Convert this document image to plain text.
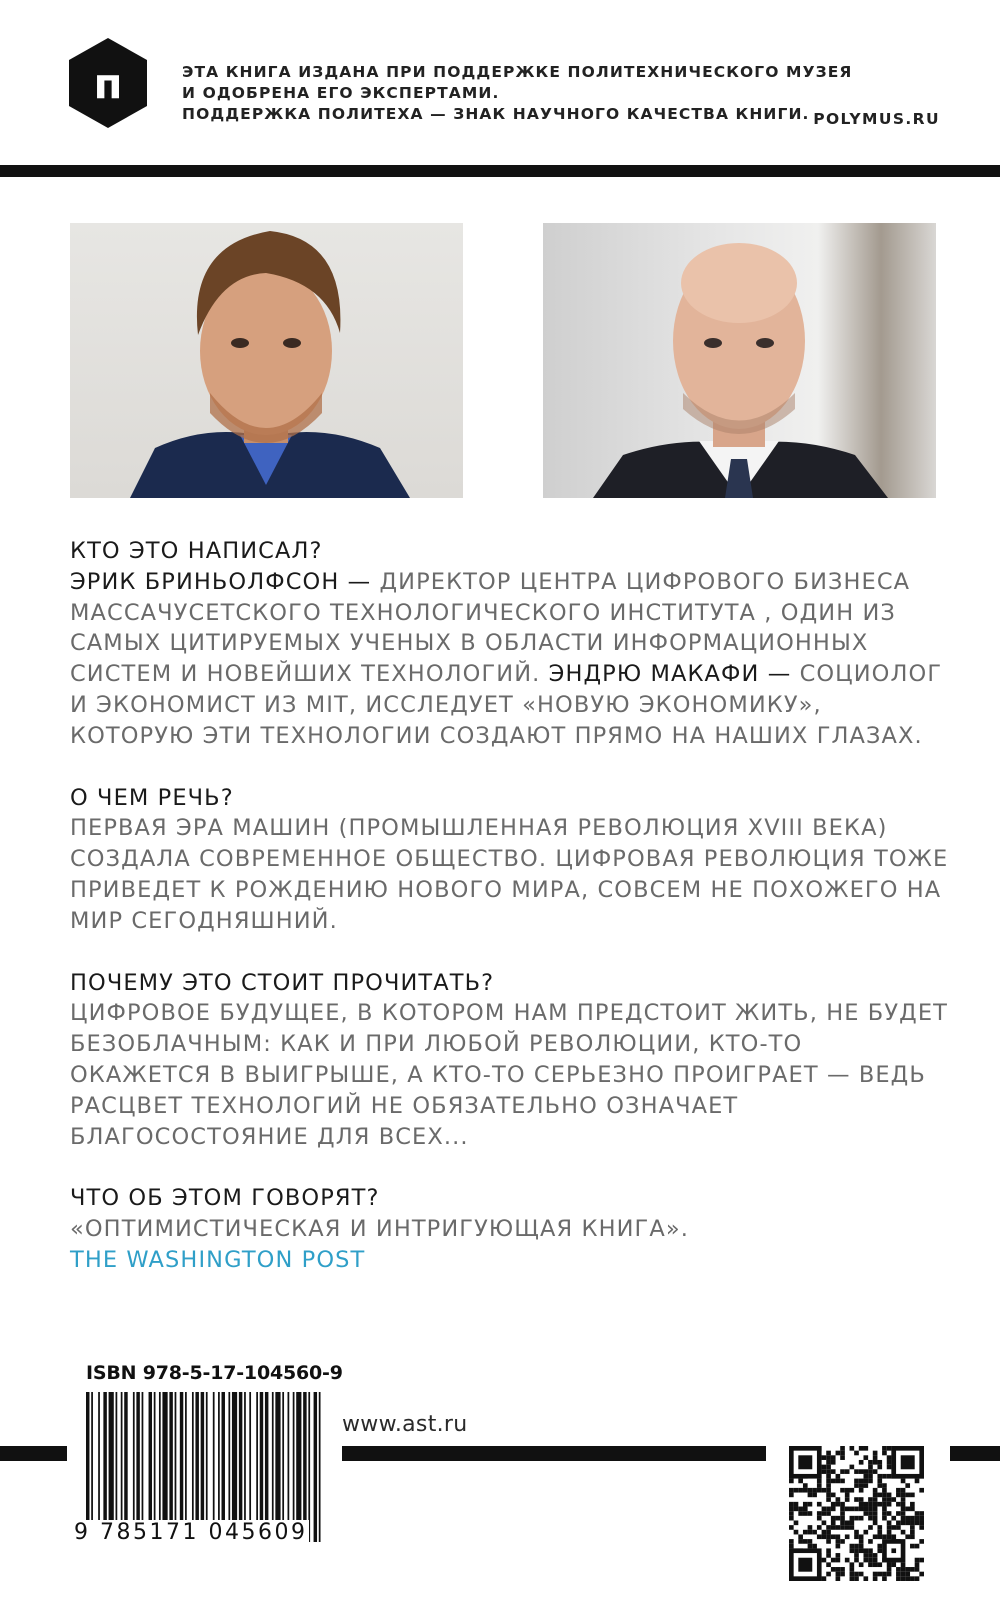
п	ЭТА КНИГА ИЗДАНА ПРИ ПОДДЕРЖКЕ ПОЛИТЕХНИЧЕСКОГО МУЗЕЯ
И ОДОБРЕНА ЕГО ЭКСПЕРТАМИ.
ПОДДЕРЖКА ПОЛИТЕХА — ЗНАК НАУЧНОГО КАЧЕСТВА КНИГИ. POLYMUS.RU
КТО ЭТО НАПИСАЛ?
ЭРИК БРИНЬОЛФСОН — ДИРЕКТОР ЦЕНТРА ЦИФРОВОГО БИЗНЕСА МАССАЧУСЕТСКОГО ТЕХНОЛОГИЧЕСКОГО ИНСТИТУТА , ОДИН ИЗ САМЫХ ЦИТИРУЕМЫХ УЧЕНЫХ В ОБЛАСТИ ИНФОРМАЦИОННЫХ СИСТЕМ И НОВЕЙШИХ ТЕХНОЛОГИЙ. ЭНДРЮ МАКАФИ — СОЦИОЛОГ И ЭКОНОМИСТ ИЗ MIT, ИССЛЕДУЕТ «НОВУЮ ЭКОНОМИКУ», КОТОРУЮ ЭТИ ТЕХНОЛОГИИ СОЗДАЮТ ПРЯМО НА НАШИХ ГЛАЗАХ.
О ЧЕМ РЕЧЬ?
ПЕРВАЯ ЭРА МАШИН (ПРОМЫШЛЕННАЯ РЕВОЛЮЦИЯ XVIII ВЕКА) СОЗДАЛА СОВРЕМЕННОЕ ОБЩЕСТВО. ЦИФРОВАЯ РЕВОЛЮЦИЯ ТОЖЕ ПРИВЕДЕТ К РОЖДЕНИЮ НОВОГО МИРА, СОВСЕМ НЕ ПОХОЖЕГО НА МИР СЕГОДНЯШНИЙ.
ПОЧЕМУ ЭТО СТОИТ ПРОЧИТАТЬ?
ЦИФРОВОЕ БУДУЩЕЕ, В КОТОРОМ НАМ ПРЕДСТОИТ ЖИТЬ, НЕ БУДЕТ БЕЗОБЛАЧНЫМ: КАК И ПРИ ЛЮБОЙ РЕВОЛЮЦИИ, КТО-ТО ОКАЖЕТСЯ В ВЫИГРЫШЕ, А КТО-ТО СЕРЬЕЗНО ПРОИГРАЕТ — ВЕДЬ РАСЦВЕТ ТЕХНОЛОГИЙ НЕ ОБЯЗАТЕЛЬНО ОЗНАЧАЕТ БЛАГОСОСТОЯНИЕ ДЛЯ ВСЕХ...
ЧТО ОБ ЭТОМ ГОВОРЯТ?
«ОПТИМИСТИЧЕСКАЯ И ИНТРИГУЮЩАЯ КНИГА».
THE WASHINGTON POST
ISBN 978-5-17-104560-9
9 785171 045609
www.ast.ru
